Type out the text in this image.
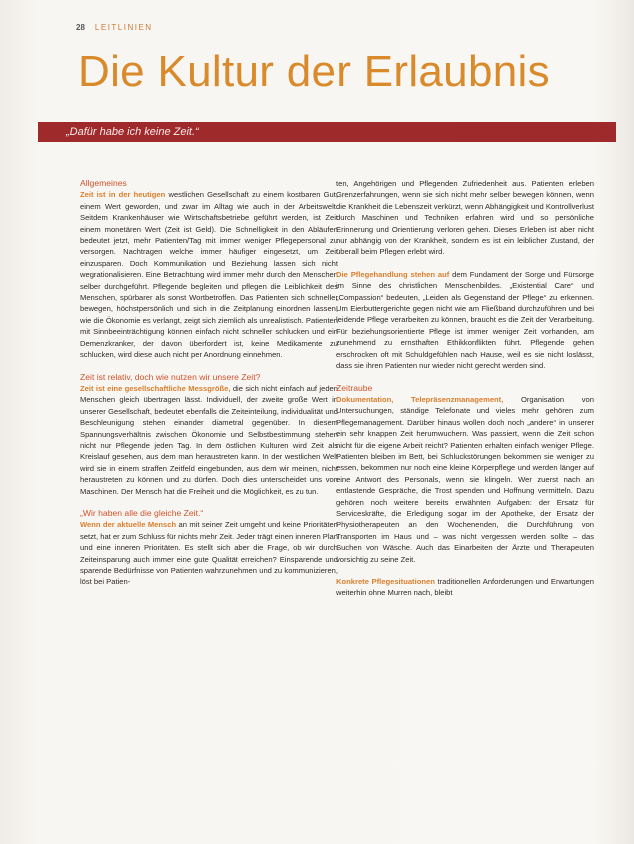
28 LEITLINIEN
Die Kultur der Erlaubnis
„Dafür habe ich keine Zeit.“
Allgemeines

Zeit ist in der heutigen westlichen Gesellschaft zu einem kostbaren Gut, einem Wert geworden, und zwar im Alltag wie auch in der Arbeitswelt. Seitdem Krankenhäuser wie Wirtschaftsbetriebe geführt werden, ist Zeit einem monetären Wert (Zeit ist Geld). Die Schnelligkeit in den Abläufen bedeutet jetzt, mehr Patienten/Tag mit immer weniger Pflegepersonal zu versorgen. Nachtragen welche immer häufiger eingesetzt, um Zeit einzusparen. Doch Kommunikation und Beziehung lassen sich nicht wegrationalisieren. Eine Betrachtung wird immer mehr durch den Menschen selber durchgeführt. Pflegende begleiten und pflegen die Leiblichkeit des Menschen, spürbarer als sonst Wortbetroffen. Das Patienten sich schneller bewegen, höchstpersönlich und sich in die Zeitplanung einordnen lassen, wie die Ökonomie es verlangt, zeigt sich ziemlich als unrealistisch. Patienten mit Sinnbeeinträchtigung können einfach nicht schneller schlucken und ein Demenzkranker, der davon überfordert ist, keine Medikamente zu schlucken, wird diese auch nicht per Anordnung einnehmen.

Zeit ist relativ, doch wie nutzen wir unsere Zeit?

Zeit ist eine gesellschaftliche Messgröße, die sich nicht einfach auf jeden Menschen gleich übertragen lässt. Individuell, der zweite große Wert in unserer Gesellschaft, bedeutet ebenfalls die Zeiteinteilung, individualität und Beschleunigung stehen einander diametral gegenüber. In diesem Spannungsverhältnis zwischen Ökonomie und Selbstbestimmung stehen nicht nur Pflegende jeden Tag. In dem östlichen Kulturen wird Zeit als Kreislauf gesehen, aus dem man heraustreten kann. In der westlichen Welt wird sie in einem straffen Zeitfeld eingebunden, aus dem wir meinen, nicht heraustreten zu können und zu dürfen. Doch dies unterscheidet uns von Maschinen. Der Mensch hat die Freiheit und die Möglichkeit, es zu tun.

„Wir haben alle die gleiche Zeit.“

Wenn der aktuelle Mensch an mit seiner Zeit umgeht und keine Prioritäten setzt, hat er zum Schluss für nichts mehr Zeit. Jeder trägt einen inneren Plan und eine inneren Prioritäten. Es stellt sich aber die Frage, ob wir durch Zeiteinsparung auch immer eine gute Qualität erreichen? Einsparende und sparende Bedürfnisse von Patienten wahrzunehmen und zu kommunizieren, löst bei Patien-

ten, Angehörigen und Pflegenden Zufriedenheit aus. Patienten erleben Grenzerfahrungen, wenn sie sich nicht mehr selber bewegen können, wenn die Krankheit die Lebenszeit verkürzt, wenn Abhängigkeit und Kontrollverlust durch Maschinen und Techniken erfahren wird und so persönliche Erinnerung und Orientierung verloren gehen. Dieses Erleben ist aber nicht nur abhängig von der Krankheit, sondern es ist ein leiblicher Zustand, der überall beim Pflegen erlebt wird.

Die Pflegehandlung stehen auf dem Fundament der Sorge und Fürsorge im Sinne des christlichen Menschenbildes. „Existential Care“ und „Compassion“ bedeuten, „Leiden als Gegenstand der Pflege“ zu erkennen. Um Eierbuttergerichte gegen nicht wie am Fließband durchzuführen und bei leidende Pflege verarbeiten zu können, braucht es die Zeit der Verarbeitung. Für beziehungsorientierte Pflege ist immer weniger Zeit vorhanden, am zunehmend zu ernsthaften Ethikkonflikten führt. Pflegende gehen erschrocken oft mit Schuldgefühlen nach Hause, weil es sie nicht loslässt, dass sie ihren Patienten nur wieder nicht gerecht werden sind.

Zeitraube

Dokumentation, Telepräsenzmanagement, Organisation von Untersuchungen, ständige Telefonate und vieles mehr gehören zum Pflegemanagement. Darüber hinaus wollen doch noch „andere“ in unserer ein sehr knappen Zeit herumwuchern. Was passiert, wenn die Zeit schon nicht für die eigene Arbeit reicht? Patienten erhalten einfach weniger Pflege. Patienten bleiben im Bett, bei Schluckstörungen bekommen sie weniger zu essen, bekommen nur noch eine kleine Körperpflege und werden länger auf eine Antwort des Personals, wenn sie klingeln. Wer zuerst nach an entlastende Gespräche, die Trost spenden und Hoffnung vermitteln. Dazu gehören noch weitere bereits erwähnten Aufgaben: der Ersatz für Serviceskräfte, die Erledigung sogar im der Apotheke, der Ersatz der Physiotherapeuten an den Wochenenden, die Durchführung von Transporten im Haus und – was nicht vergessen werden sollte – das Suchen von Wäsche. Auch das Einarbeiten der Ärzte und Therapeuten vorsichtig zu seine Zeit.

Konkrete Pflegesituationen traditionellen Anforderungen und Erwartungen weiterhin ohne Murren nach, bleibt
